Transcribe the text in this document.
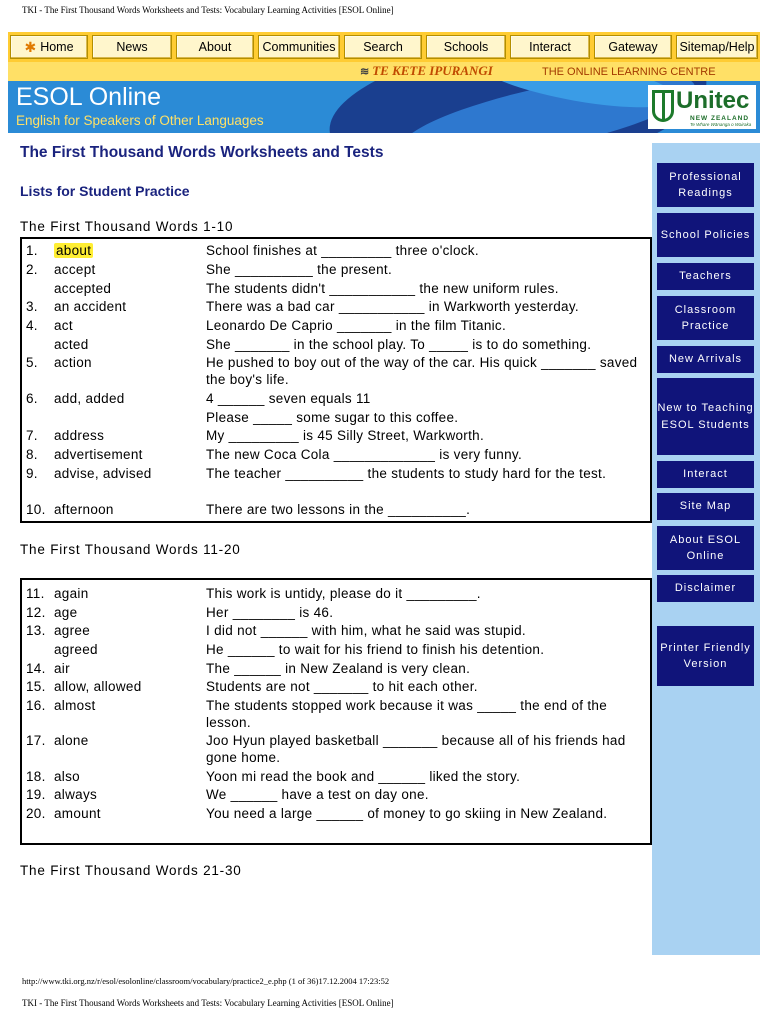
TKI - The First Thousand Words Worksheets and Tests: Vocabulary Learning Activities [ESOL Online]
✱ Home	News	About	Communities	Search	Schools	Interact	Gateway	Sitemap/Help
≋ TE KETE IPURANGI	THE ONLINE LEARNING CENTRE
ESOL Online
English for Speakers of Other Languages
Unitec
NEW ZEALAND
Te Whare Wānanga o Wairaka
The First Thousand Words Worksheets and Tests
Lists for Student Practice
The First Thousand Words 1-10
1.	about	School finishes at _________ three o'clock.
2.	accept	She __________ the present.
accepted	The students didn't ___________ the new uniform rules.
3.	an accident	There was a bad car ___________ in Warkworth yesterday.
4.	act	Leonardo De Caprio _______ in the film Titanic.
acted	She _______ in the school play. To _____ is to do something.
5.	action	He pushed to boy out of the way of the car. His quick _______ saved the boy's life.
6.	add, added	4 ______ seven equals 11
Please _____ some sugar to this coffee.
7.	address	My _________ is 45 Silly Street, Warkworth.
8.	advertisement	The new Coca Cola _____________ is very funny.
9.	advise, advised	The teacher __________ the students to study hard for the test.
10. afternoon	There are two lessons in the __________.
The First Thousand Words 11-20
11. again	This work is untidy, please do it _________.
12. age	Her ________ is 46.
13. agree	I did not ______ with him, what he said was stupid.
agreed	He ______ to wait for his friend to finish his detention.
14. air	The ______ in New Zealand is very clean.
15. allow, allowed	Students are not _______ to hit each other.
16. almost	The students stopped work because it was _____ the end of the lesson.
17. alone	Joo Hyun played basketball _______ because all of his friends had gone home.
18. also	Yoon mi read the book and ______ liked the story.
19. always	We ______ have a test on day one.
20. amount	You need a large ______ of money to go skiing in New Zealand.
The First Thousand Words 21-30
Professional Readings
School Policies
Teachers
Classroom Practice
New Arrivals
New to Teaching ESOL Students
Interact
Site Map
About ESOL Online
Disclaimer
Printer Friendly Version
http://www.tki.org.nz/r/esol/esolonline/classroom/vocabulary/practice2_e.php (1 of 36)17.12.2004 17:23:52
TKI - The First Thousand Words Worksheets and Tests: Vocabulary Learning Activities [ESOL Online]
